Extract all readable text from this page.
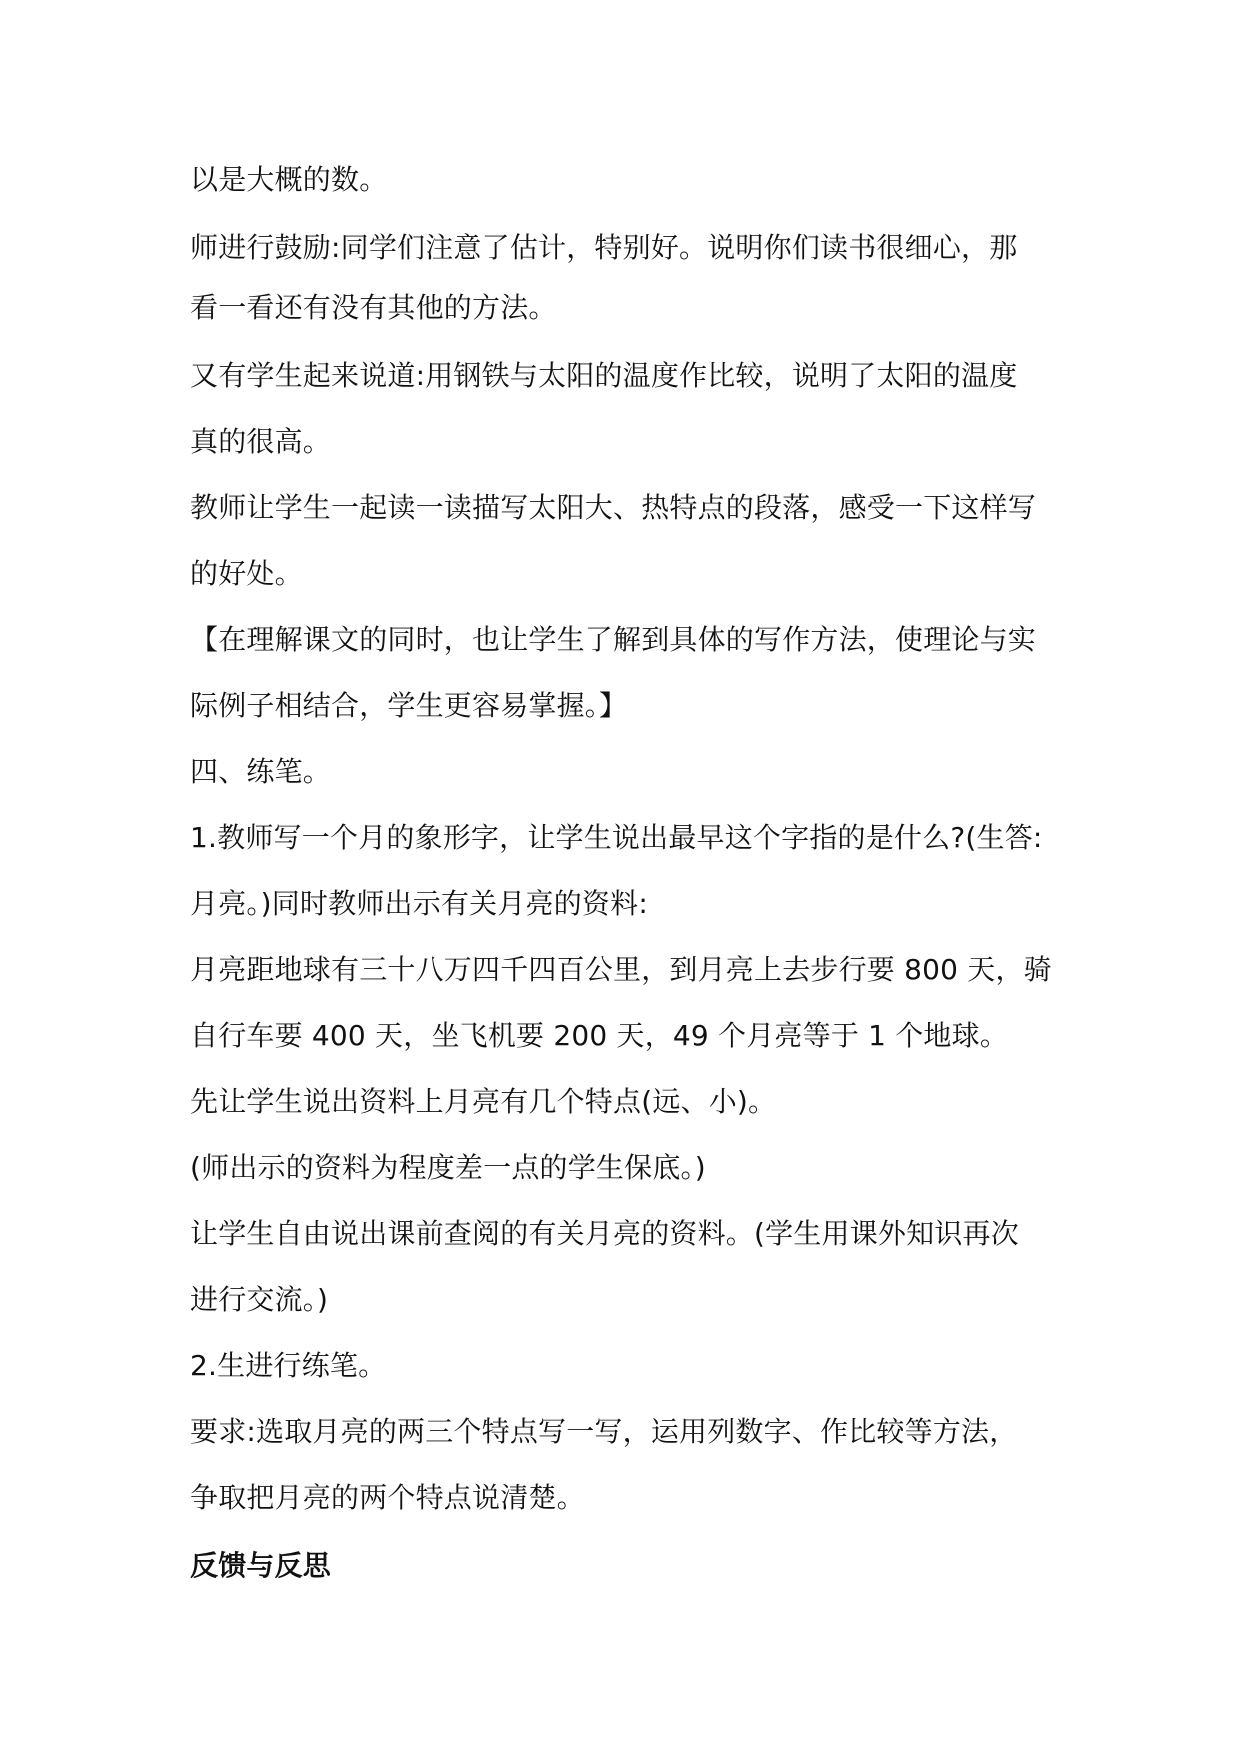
以是大概的数。
师进行鼓励:同学们注意了估计，特别好。说明你们读书很细心，那
看一看还有没有其他的方法。
又有学生起来说道:用钢铁与太阳的温度作比较，说明了太阳的温度
真的很高。
教师让学生一起读一读描写太阳大、热特点的段落，感受一下这样写
的好处。
【在理解课文的同时，也让学生了解到具体的写作方法，使理论与实
际例子相结合，学生更容易掌握。】
四、练笔。
1.教师写一个月的象形字，让学生说出最早这个字指的是什么?(生答:
月亮。)同时教师出示有关月亮的资料:
月亮距地球有三十八万四千四百公里，到月亮上去步行要 800 天，骑
自行车要 400 天，坐飞机要 200 天，49 个月亮等于 1 个地球。
先让学生说出资料上月亮有几个特点(远、小)。
(师出示的资料为程度差一点的学生保底。)
让学生自由说出课前查阅的有关月亮的资料。(学生用课外知识再次
进行交流。)
2.生进行练笔。
要求:选取月亮的两三个特点写一写，运用列数字、作比较等方法，
争取把月亮的两个特点说清楚。
反馈与反思
